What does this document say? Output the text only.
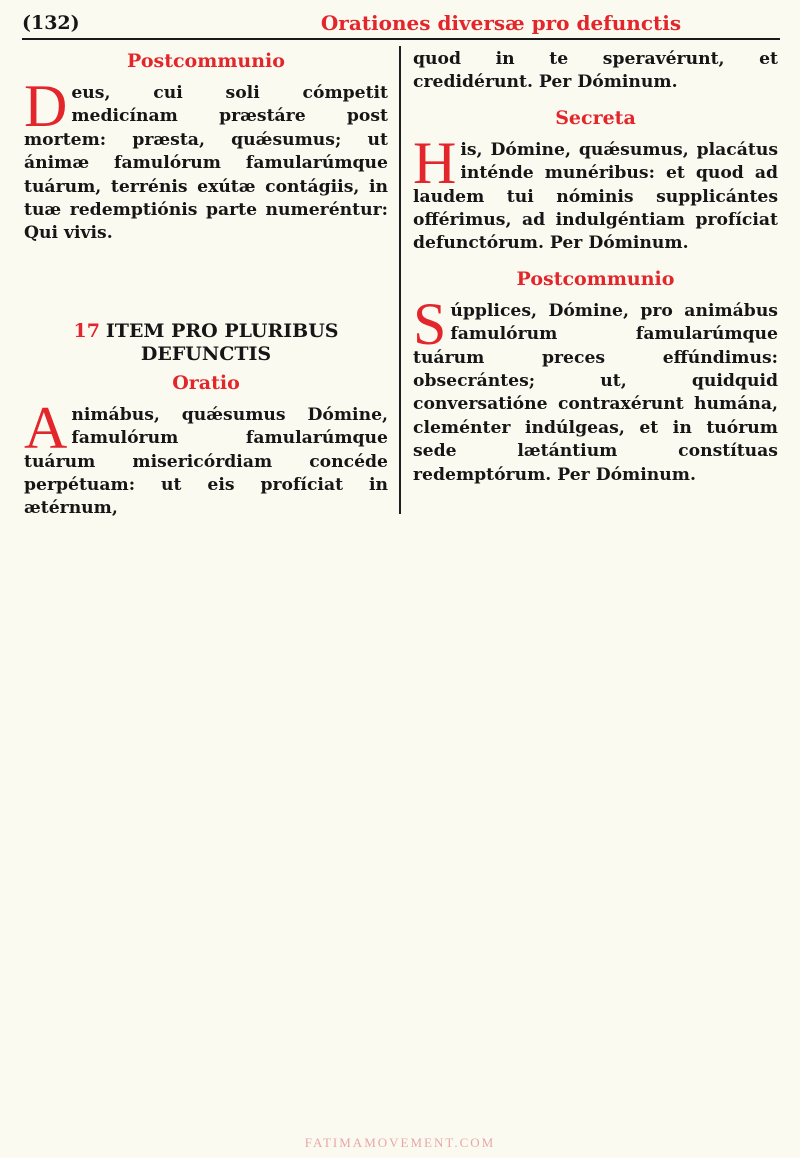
(132)	Orationes diversæ pro defunctis
Postcommunio

Deus, cui soli cómpetit medicínam præstáre post mortem: præsta, quǽsumus; ut ánimæ famulórum famularúmque tuárum, terrénis exútæ contágiis, in tuæ redemptiónis parte numeréntur: Qui vivis.

17 ITEM PRO PLURIBUS
DEFUNCTIS
Oratio

Animábus, quǽsumus Dómine, famulórum famularúmque tuárum misericórdiam concéde perpétuam: ut eis profíciat in ætérnum,

quod in te speravérunt, et credidérunt. Per Dóminum.

Secreta

His, Dómine, quǽsumus, placátus inténde munéribus: et quod ad laudem tui nóminis supplicántes offérimus, ad indulgéntiam profíciat defunctórum. Per Dóminum.

Postcommunio

Súpplices, Dómine, pro animábus famulórum famularúmque tuárum preces effúndimus: obsecrántes; ut, quidquid conversatióne contraxérunt humána, cleménter indúlgeas, et in tuórum sede lætántium constítuas redemptórum. Per Dóminum.

FATIMAMOVEMENT.COM
